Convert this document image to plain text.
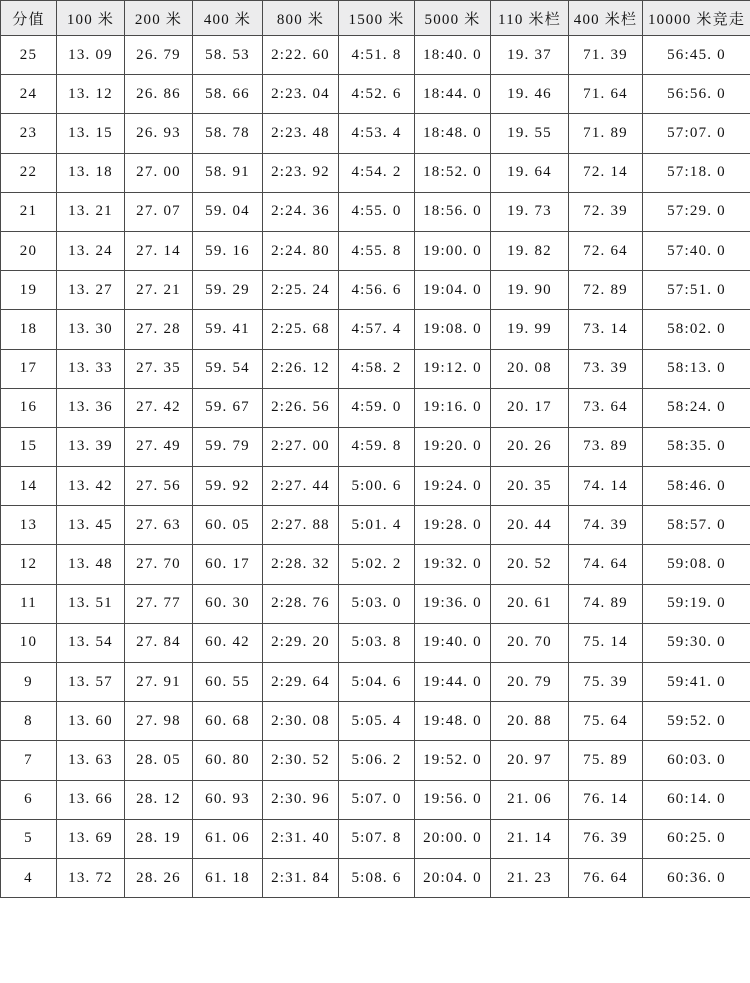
分值	100 米	200 米	400 米	800 米	1500 米	5000 米	110 米栏	400 米栏	10000 米竞走
25	13. 09	26. 79	58. 53	2:22. 60	4:51. 8	18:40. 0	19. 37	71. 39	56:45. 0
24	13. 12	26. 86	58. 66	2:23. 04	4:52. 6	18:44. 0	19. 46	71. 64	56:56. 0
23	13. 15	26. 93	58. 78	2:23. 48	4:53. 4	18:48. 0	19. 55	71. 89	57:07. 0
22	13. 18	27. 00	58. 91	2:23. 92	4:54. 2	18:52. 0	19. 64	72. 14	57:18. 0
21	13. 21	27. 07	59. 04	2:24. 36	4:55. 0	18:56. 0	19. 73	72. 39	57:29. 0
20	13. 24	27. 14	59. 16	2:24. 80	4:55. 8	19:00. 0	19. 82	72. 64	57:40. 0
19	13. 27	27. 21	59. 29	2:25. 24	4:56. 6	19:04. 0	19. 90	72. 89	57:51. 0
18	13. 30	27. 28	59. 41	2:25. 68	4:57. 4	19:08. 0	19. 99	73. 14	58:02. 0
17	13. 33	27. 35	59. 54	2:26. 12	4:58. 2	19:12. 0	20. 08	73. 39	58:13. 0
16	13. 36	27. 42	59. 67	2:26. 56	4:59. 0	19:16. 0	20. 17	73. 64	58:24. 0
15	13. 39	27. 49	59. 79	2:27. 00	4:59. 8	19:20. 0	20. 26	73. 89	58:35. 0
14	13. 42	27. 56	59. 92	2:27. 44	5:00. 6	19:24. 0	20. 35	74. 14	58:46. 0
13	13. 45	27. 63	60. 05	2:27. 88	5:01. 4	19:28. 0	20. 44	74. 39	58:57. 0
12	13. 48	27. 70	60. 17	2:28. 32	5:02. 2	19:32. 0	20. 52	74. 64	59:08. 0
11	13. 51	27. 77	60. 30	2:28. 76	5:03. 0	19:36. 0	20. 61	74. 89	59:19. 0
10	13. 54	27. 84	60. 42	2:29. 20	5:03. 8	19:40. 0	20. 70	75. 14	59:30. 0
9	13. 57	27. 91	60. 55	2:29. 64	5:04. 6	19:44. 0	20. 79	75. 39	59:41. 0
8	13. 60	27. 98	60. 68	2:30. 08	5:05. 4	19:48. 0	20. 88	75. 64	59:52. 0
7	13. 63	28. 05	60. 80	2:30. 52	5:06. 2	19:52. 0	20. 97	75. 89	60:03. 0
6	13. 66	28. 12	60. 93	2:30. 96	5:07. 0	19:56. 0	21. 06	76. 14	60:14. 0
5	13. 69	28. 19	61. 06	2:31. 40	5:07. 8	20:00. 0	21. 14	76. 39	60:25. 0
4	13. 72	28. 26	61. 18	2:31. 84	5:08. 6	20:04. 0	21. 23	76. 64	60:36. 0
